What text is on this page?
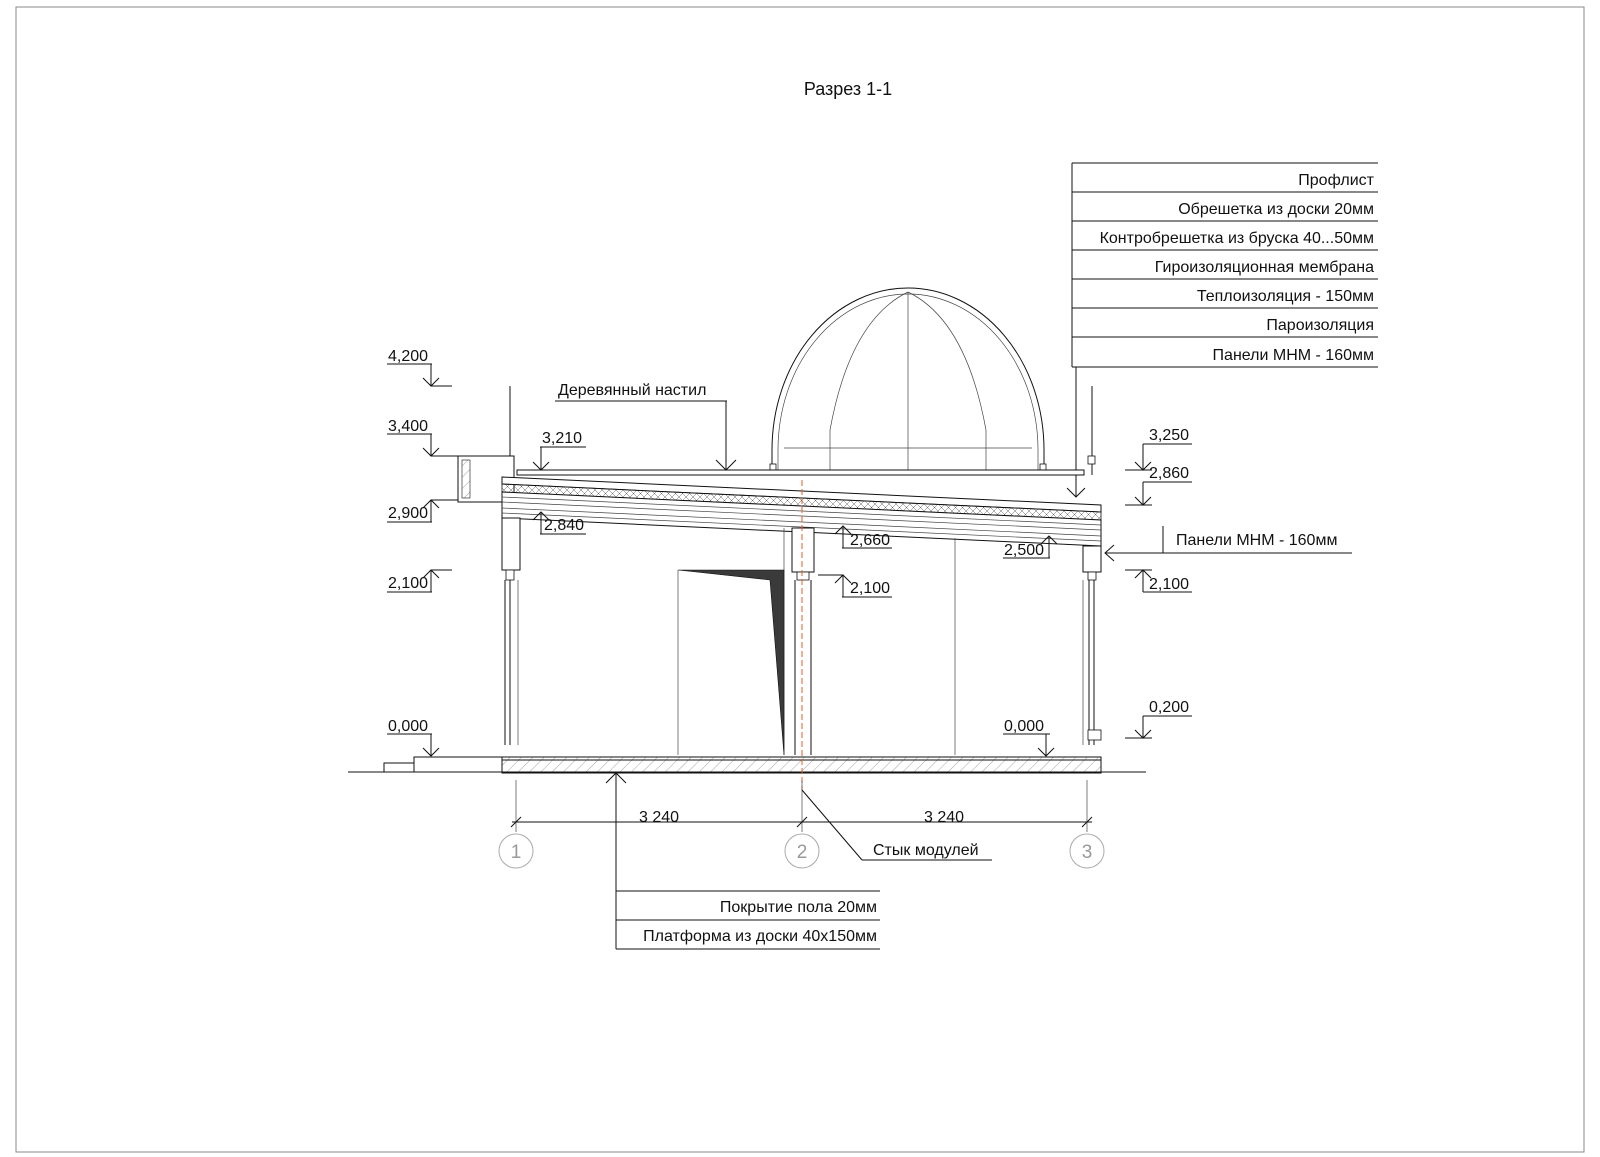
Разрез 1-1
Профлист
Обрешетка из доски 20мм
Контробрешетка из бруска 40...50мм
Гироизоляционная мембрана
Теплоизоляция - 150мм
Пароизоляция
Панели МНМ - 160мм
4,200
3,400
2,900
2,100
0,000
3,210
Деревянный настил
2,840
2,660
2,100
2,500
0,000
3,250
2,860
Панели МНМ - 160мм
2,100
0,200
3 240	3 240
1	2	3
Стык модулей
Покрытие пола 20мм
Платформа из доски 40х150мм
